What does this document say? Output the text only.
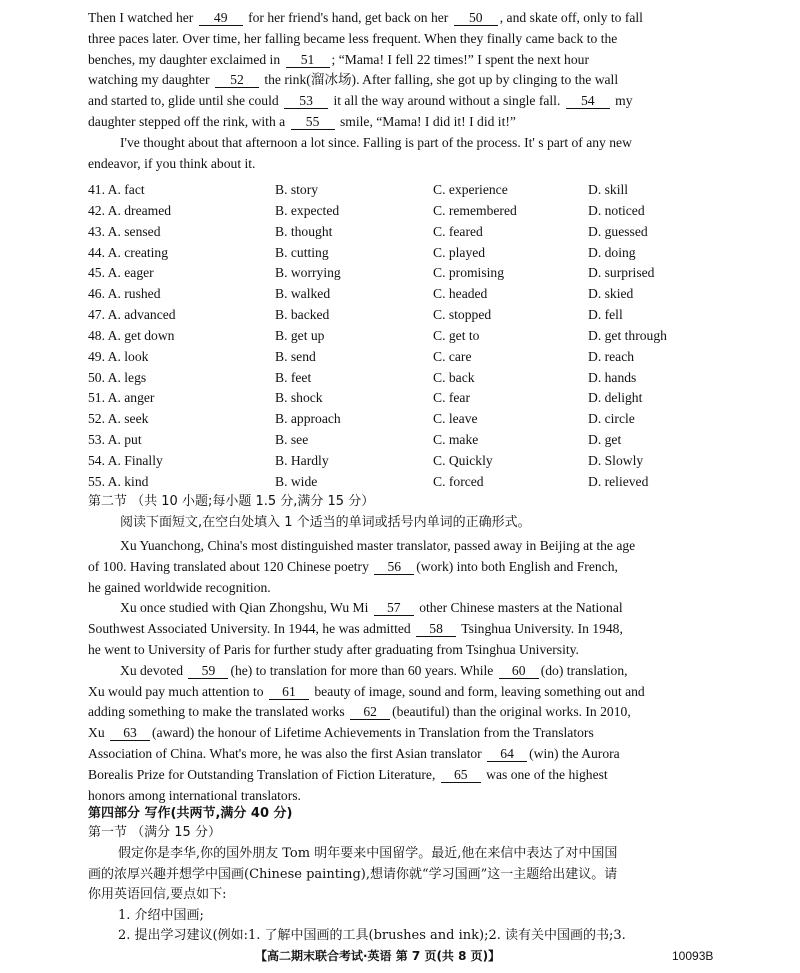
Then I watched her 49 for her friend's hand, get back on her 50 , and skate off, only to fall
three paces later. Over time, her falling became less frequent. When they finally came back to the
benches, my daughter exclaimed in 51 ; “Mama! I fell 22 times!” I spent the next hour
watching my daughter 52 the rink(溜冰场). After falling, she got up by clinging to the wall
and started to, glide until she could 53 it all the way around without a single fall. 54 my
daughter stepped off the rink, with a 55 smile, “Mama! I did it! I did it!”
I've thought about that afternoon a lot since. Falling is part of the process. It' s part of any new
endeavor, if you think about it.
41. A. fact	B. story	C. experience	D. skill
42. A. dreamed	B. expected	C. remembered	D. noticed
43. A. sensed	B. thought	C. feared	D. guessed
44. A. creating	B. cutting	C. played	D. doing
45. A. eager	B. worrying	C. promising	D. surprised
46. A. rushed	B. walked	C. headed	D. skied
47. A. advanced	B. backed	C. stopped	D. fell
48. A. get down	B. get up	C. get to	D. get through
49. A. look	B. send	C. care	D. reach
50. A. legs	B. feet	C. back	D. hands
51. A. anger	B. shock	C. fear	D. delight
52. A. seek	B. approach	C. leave	D. circle
53. A. put	B. see	C. make	D. get
54. A. Finally	B. Hardly	C. Quickly	D. Slowly
55. A. kind	B. wide	C. forced	D. relieved
第二节 （共 10 小题;每小题 1.5 分,满分 15 分）
阅读下面短文,在空白处填入 1 个适当的单词或括号内单词的正确形式。
Xu Yuanchong, China's most distinguished master translator, passed away in Beijing at the age
of 100. Having translated about 120 Chinese poetry 56 (work) into both English and French,
he gained worldwide recognition.
Xu once studied with Qian Zhongshu, Wu Mi 57 other Chinese masters at the National
Southwest Associated University. In 1944, he was admitted 58 Tsinghua University. In 1948,
he went to University of Paris for further study after graduating from Tsinghua University.
Xu devoted 59 (he) to translation for more than 60 years. While 60 (do) translation,
Xu would pay much attention to 61 beauty of image, sound and form, leaving something out and
adding something to make the translated works 62 (beautiful) than the original works. In 2010,
Xu 63 (award) the honour of Lifetime Achievements in Translation from the Translators
Association of China. What's more, he was also the first Asian translator 64 (win) the Aurora
Borealis Prize for Outstanding Translation of Fiction Literature, 65 was one of the highest
honors among international translators.
第四部分 写作(共两节,满分 40 分)
第一节 （满分 15 分）
假定你是李华,你的国外朋友 Tom 明年要来中国留学。最近,他在来信中表达了对中国国
画的浓厚兴趣并想学中国画(Chinese painting),想请你就“学习国画”这一主题给出建议。请
你用英语回信,要点如下:
1. 介绍中国画;
2. 提出学习建议(例如:1. 了解中国画的工具(brushes and ink);2. 读有关中国画的书;3.
【高二期末联合考试·英语 第 7 页(共 8 页)】	10093B
